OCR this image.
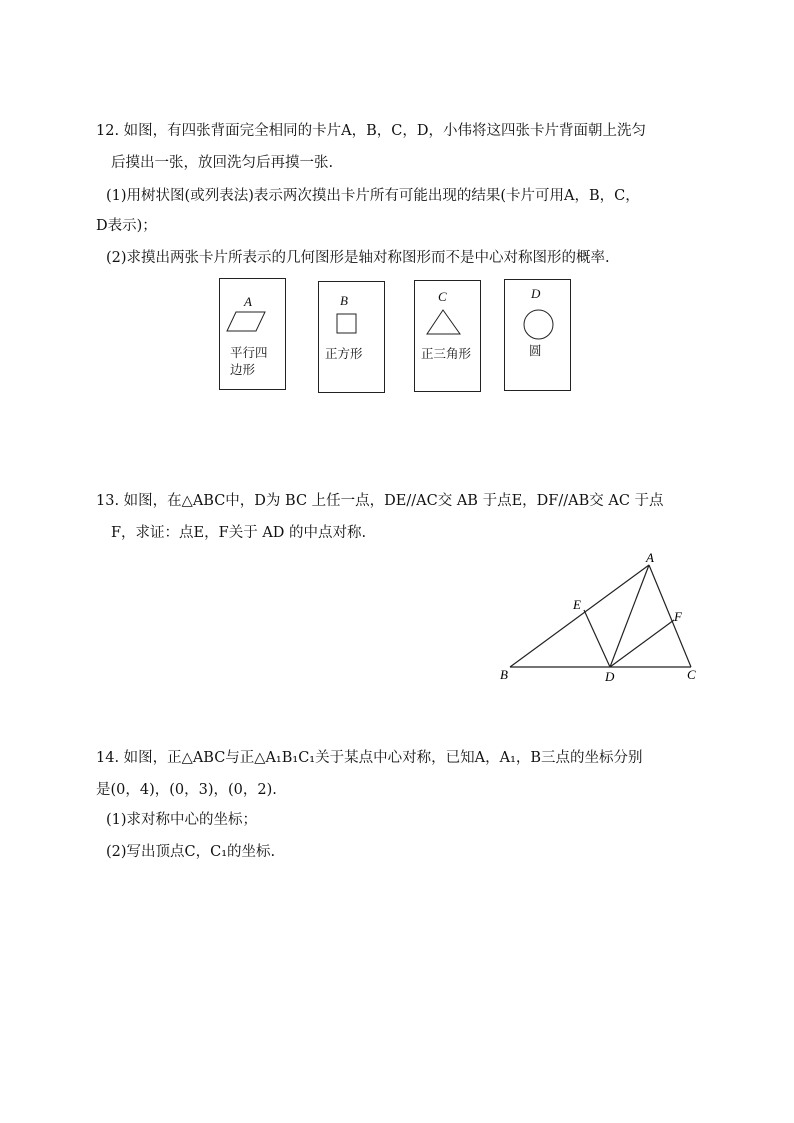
12. 如图，有四张背面完全相同的卡片A，B，C，D，小伟将这四张卡片背面朝上洗匀
后摸出一张，放回洗匀后再摸一张.
(1)用树状图(或列表法)表示两次摸出卡片所有可能出现的结果(卡片可用A，B，C，
D表示)；
(2)求摸出两张卡片所表示的几何图形是轴对称图形而不是中心对称图形的概率.
A
平行四
边形
B
正方形
C
正三角形
D
圆
13. 如图，在△ABC中，D为 BC 上任一点，DE//AC交 AB 于点E，DF//AB交 AC 于点
F，求证：点E，F关于 AD 的中点对称.
A
B	C
D
E
F
14. 如图，正△ABC与正△A₁B₁C₁关于某点中心对称，已知A，A₁，B三点的坐标分别
是(0，4)，(0，3)，(0，2).
(1)求对称中心的坐标；
(2)写出顶点C，C₁的坐标.
